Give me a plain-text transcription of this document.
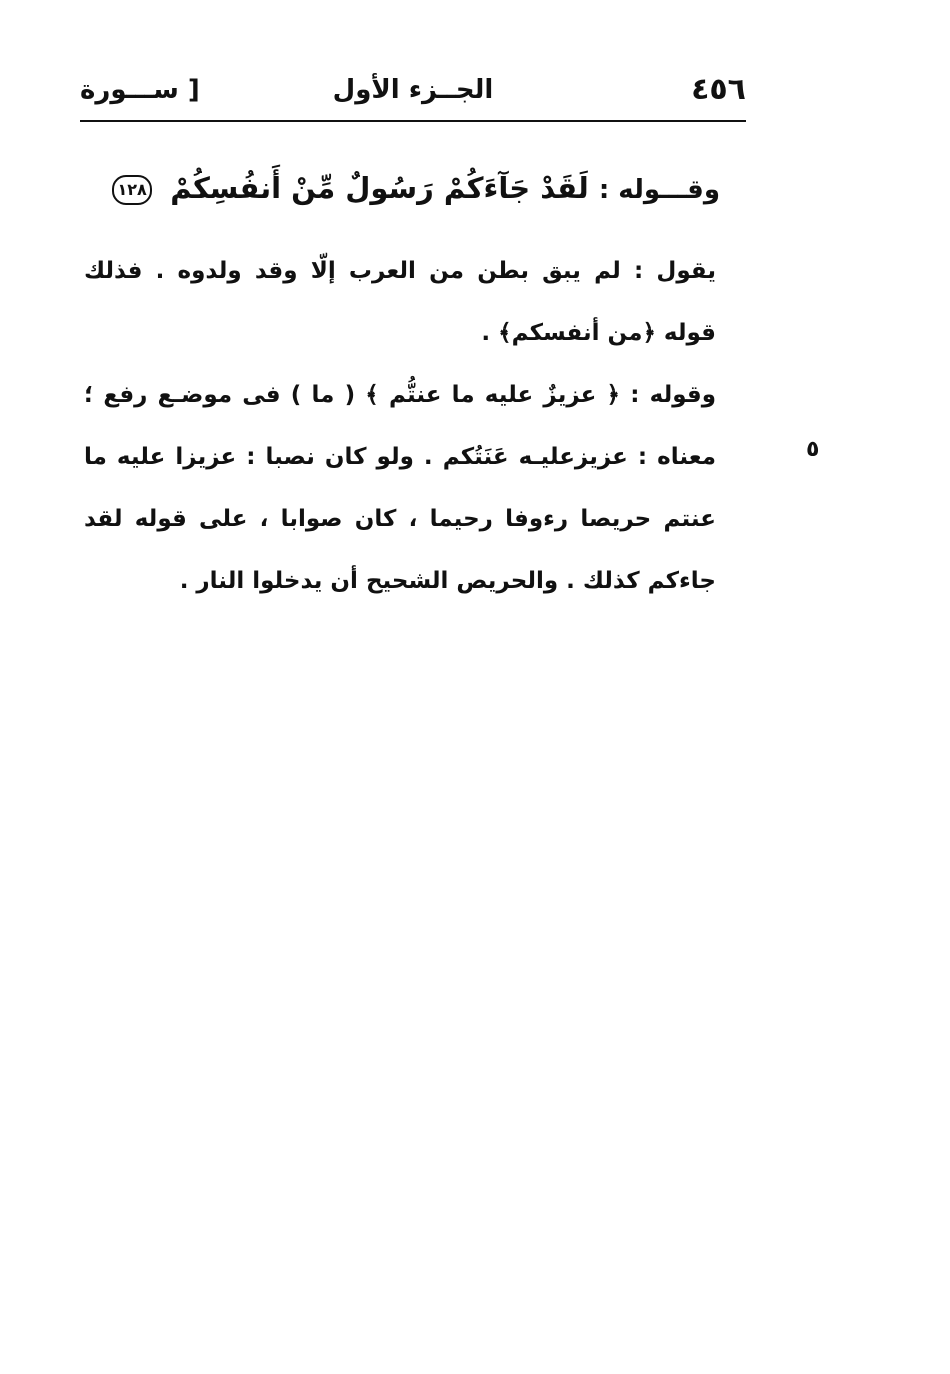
٤٥٦
الجــزء الأول
[ ســـورة
وقـــوله : لَقَدْ جَآءَكُمْ رَسُولٌ مِّنْ أَنفُسِكُمْ ١٢٨

يقول : لم يبق بطن من العرب إلّا وقد ولدوه . فذلك قوله ﴿من أنفسكم﴾ .

وقوله : ﴿ عزيزٌ عليه ما عنتُّم ﴾ ( ما ) فى موضـع رفع ؛ معناه : عزيزعليـه عَنَتُكم . ولو كان نصبا : عزيزا عليه ما عنتم حريصا رءوفا رحيما ، كان صوابا ، على قوله لقد جاءكم كذلك . والحريص الشحيح أن يدخلوا النار .

٥
